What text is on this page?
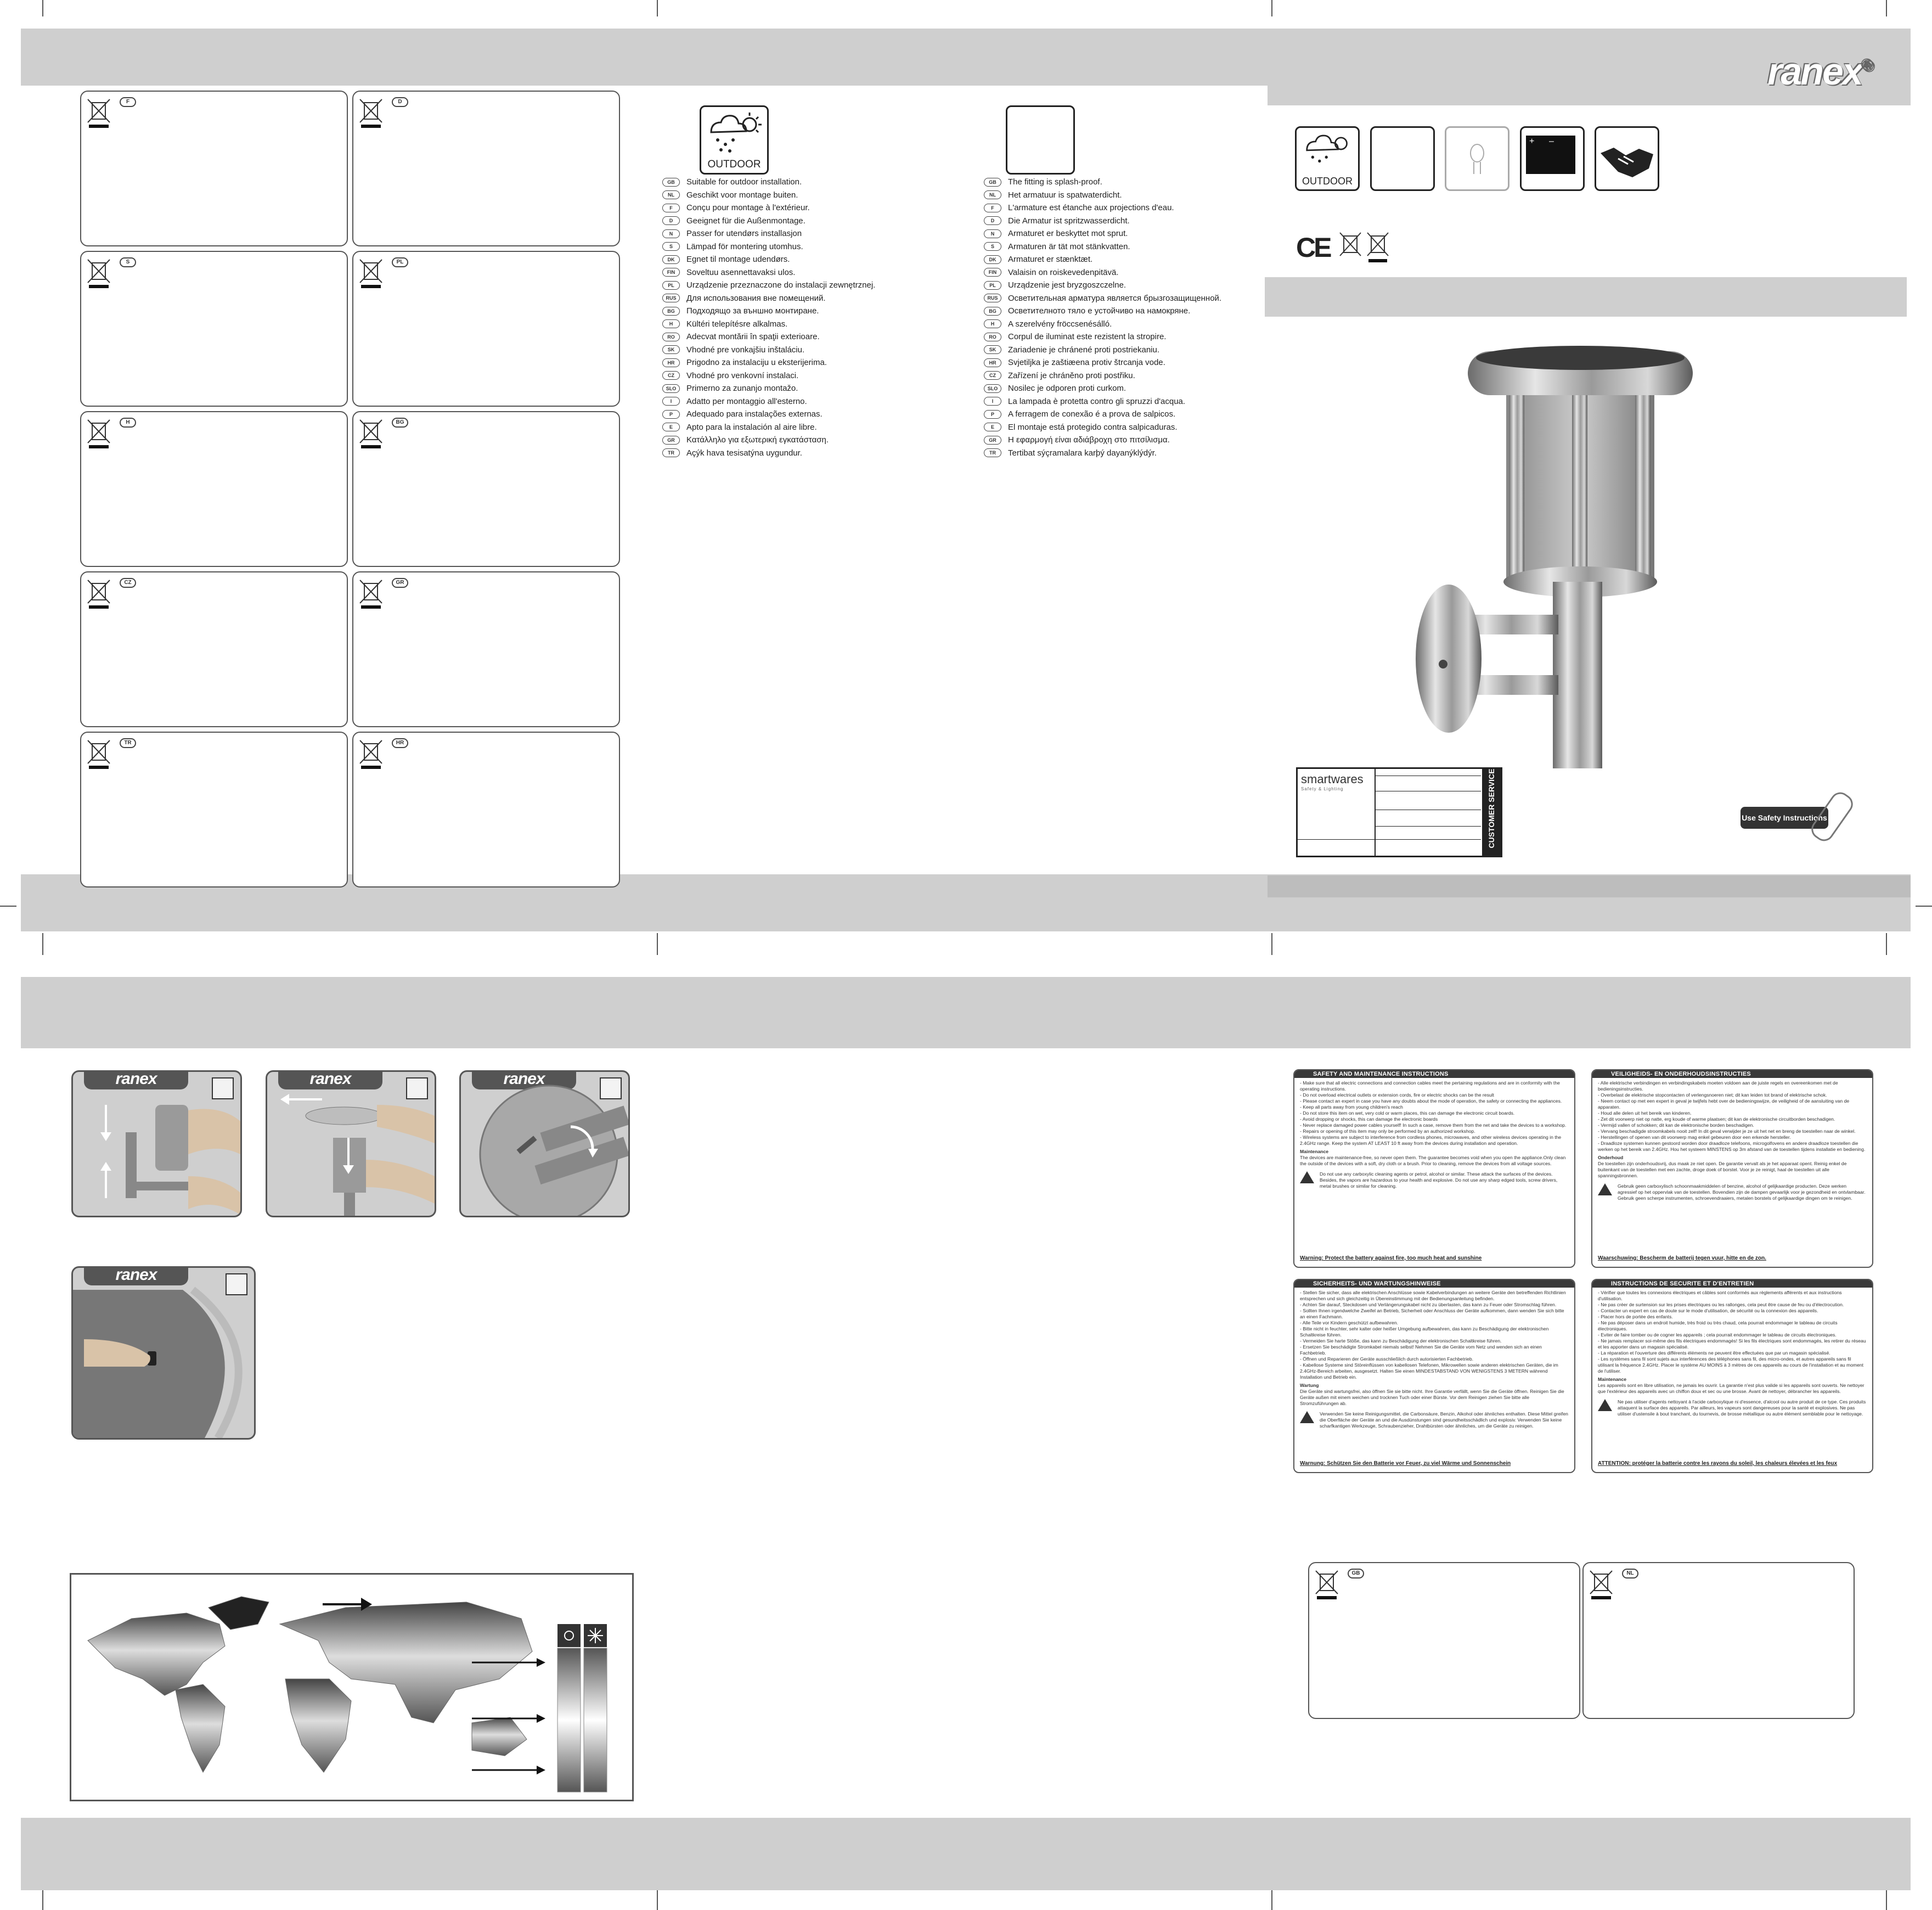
ranex®
F	D
S	PL
H	BG
CZ	GR
TR	HR
OUTDOOR
GB	Suitable for outdoor installation.
NL	Geschikt voor montage buiten.
F	Conçu pour montage à l'extérieur.
D	Geeignet für die Außenmontage.
N	Passer for utendørs installasjon
S	Lämpad för montering utomhus.
DK	Egnet til montage udendørs.
FIN	Soveltuu asennettavaksi ulos.
PL	Urządzenie przeznaczone do instalacji zewnętrznej.
RUS	Для использования вне помещений.
BG	Подходящо за външно монтиране.
H	Kültéri telepítésre alkalmas.
RO	Adecvat montării în spaţii exterioare.
SK	Vhodné pre vonkajšiu inštaláciu.
HR	Prigodno za instalaciju u eksterijerima.
CZ	Vhodné pro venkovní instalaci.
SLO	Primerno za zunanjo montažo.
I	Adatto per montaggio all'esterno.
P	Adequado para instalações externas.
E	Apto para la instalación al aire libre.
GR	Κατάλληλο για εξωτερική εγκατάσταση.
TR	Açýk hava tesisatýna uygundur.
GB	The fitting is splash-proof.
NL	Het armatuur is spatwaterdicht.
F	L'armature est étanche aux projections d'eau.
D	Die Armatur ist spritzwasserdicht.
N	Armaturet er beskyttet mot sprut.
S	Armaturen är tät mot stänkvatten.
DK	Armaturet er stænktæt.
FIN	Valaisin on roiskevedenpitävä.
PL	Urządzenie jest bryzgoszczelne.
RUS	Осветительная арматура является брызгозащищенной.
BG	Осветителното тяло е устойчиво на намокряне.
H	A szerelvény fröccsenésálló.
RO	Corpul de iluminat este rezistent la stropire.
SK	Zariadenie je chránené proti postriekaniu.
HR	Svjetiljka je zaštiæena protiv štrcanja vode.
CZ	Zařízení je chráněno proti postřiku.
SLO	Nosilec je odporen proti curkom.
I	La lampada è protetta contro gli spruzzi d'acqua.
P	A ferragem de conexão é a prova de salpicos.
E	El montaje está protegido contra salpicaduras.
GR	Η εφαρμογή είναι αδιάβροχη στο πιτσίλισμα.
TR	Tertibat sýçramalara karþý dayanýklýdýr.
OUTDOOR
+      –
CE
smartwares
Safety & Lighting	CUSTOMER SERVICE	Use Safety Instructions
ranex	ranex	ranex
ranex
SAFETY AND MAINTENANCE INSTRUCTIONS
- Make sure that all electric connections and connection cables meet the pertaining regulations and are in conformity with the operating instructions.
- Do not overload electrical outlets or extension cords, fire or electric shocks can be the result
- Please contact an expert in case you have any doubts about the mode of operation, the safety or connecting the appliances.
- Keep all parts away from young children's reach
- Do not store this item on wet, very cold or warm places, this can damage the electronic circuit boards.
- Avoid dropping or shocks, this can damage the electronic boards
- Never replace damaged power cables yourself! In such a case, remove them from the net and take the devices to a workshop.
- Repairs or opening of this item may only be performed by an authorized workshop.
- Wireless systems are subject to interference from cordless phones, microwaves, and other wireless devices operating in the 2.4GHz range. Keep the system AT LEAST 10 ft away from the devices during installation and operation.
Maintenance
The devices are maintenance-free, so never open them. The guarantee becomes void when you open the appliance.Only clean the outside of the devices with a soft, dry cloth or a brush. Prior to cleaning, remove the devices from all voltage sources.
Do not use any carboxylic cleaning agents or petrol, alcohol or similar. These attack the surfaces of the devices. Besides, the vapors are hazardous to your health and explosive. Do not use any sharp edged tools, screw drivers, metal brushes or similar for cleaning.
Warning: Protect the battery against fire, too much heat and sunshine
VEILIGHEIDS- EN ONDERHOUDSINSTRUCTIES
- Alle elektrische verbindingen en verbindingskabels moeten voldoen aan de juiste regels en overeenkomen met de bedieningsinstructies.
- Overbelast de elektrische stopcontacten of verlengsnoeren niet; dit kan leiden tot brand of elektrische schok.
- Neem contact op met een expert in geval je twijfels hebt over de bedieningswijze, de veiligheid of de aansluiting van de apparaten.
- Houd alle delen uit het bereik van kinderen.
- Zet dit voorwerp niet op natte, erg koude of warme plaatsen; dit kan de elektronische circuitborden beschadigen.
- Vermijd vallen of schokken; dit kan de elektronische borden beschadigen.
- Vervang beschadigde stroomkabels nooit zelf! In dit geval verwijder je ze uit het net en breng de toestellen naar de winkel.
- Herstellingen of openen van dit voorwerp mag enkel gebeuren door een erkende hersteller.
- Draadloze systemen kunnen gestoord worden door draadloze telefoons, microgolfovens en andere draadloze toestellen die werken op het bereik van 2.4GHz. Hou het systeem MINSTENS op 3m afstand van de toestellen tijdens installatie en bediening.
Onderhoud
De toestellen zijn onderhoudsvrij, dus maak ze niet open. De garantie vervalt als je het apparaat opent. Reinig enkel de buitenkant van de toestellen met een zachte, droge doek of borstel. Voor je ze reinigt, haal de toestellen uit alle spanningsbronnen.
Gebruik geen carboxylisch schoonmaakmiddelen of benzine, alcohol of gelijkaardige producten. Deze werken agressief op het oppervlak van de toestellen. Bovendien zijn de dampen gevaarlijk voor je gezondheid en ontvlambaar. Gebruik geen scherpe instrumenten, schroevendraaiers, metalen borstels of gelijkaardige dingen om te reinigen.
Waarschuwing: Bescherm de batterij tegen vuur, hitte en de zon.
SICHERHEITS- UND WARTUNGSHINWEISE
- Stellen Sie sicher, dass alle elektrischen Anschlüsse sowie Kabelverbindungen an weitere Geräte den betreffenden Richtlinien entsprechen und sich gleichzeitig in Übereinstimmung mit der Bedienungsanleitung befinden.
- Achten Sie darauf, Steckdosen und Verlängerungskabel nicht zu überlasten, das kann zu Feuer oder Stromschlag führen.
- Sollten Ihnen irgendwelche Zweifel an Betrieb, Sicherheit oder Anschluss der Geräte aufkommen, dann wenden Sie sich bitte an einen Fachmann.
- Alle Teile vor Kindern geschützt aufbewahren.
- Bitte nicht in feuchter, sehr kalter oder heißer Umgebung aufbewahren, das kann zu Beschädigung der elektronischen Schaltkreise führen.
- Vermeiden Sie harte Stöße, das kann zu Beschädigung der elektronischen Schaltkreise führen.
- Ersetzen Sie beschädigte Stromkabel niemals selbst! Nehmen Sie die Geräte vom Netz und wenden sich an einen Fachbetrieb.
- Öffnen und Reparieren der Geräte ausschließlich durch autorisierten Fachbetrieb.
- Kabellose Systeme sind Störeinflüssen von kabellosen Telefonen, Mikrowellen sowie anderen elektrischen Geräten, die im 2.4GHz-Bereich arbeiten, ausgesetzt. Halten Sie einen MINDESTABSTAND VON WENIGSTENS 3 METERN während Installation und Betrieb ein.
Wartung
Die Geräte sind wartungsfrei, also öffnen Sie sie bitte nicht. Ihre Garantie verfällt, wenn Sie die Geräte öffnen. Reinigen Sie die Geräte außen mit einem weichen und trocknen Tuch oder einer Bürste. Vor dem Reinigen ziehen Sie bitte alle Stromzuführungen ab.
Verwenden Sie keine Reinigungsmittel, die Carbonsäure, Benzin, Alkohol oder ähnliches enthalten. Diese Mittel greifen die Oberfläche der Geräte an und die Ausdünstungen sind gesundheitsschädlich und explosiv. Verwenden Sie keine scharfkantigen Werkzeuge, Schraubenzieher, Drahtbürsten oder ähnliches, um die Geräte zu reinigen.
Warnung: Schützen Sie den Batterie vor Feuer, zu viel Wärme und Sonnenschein
INSTRUCTIONS DE SECURITE ET D'ENTRETIEN
- Vérifier que toutes les connexions électriques et câbles sont conformés aux règlements afférents et aux instructions d'utilisation.
- Ne pas créer de surtension sur les prises électriques ou les rallonges, cela peut être cause de feu ou d'électrocution.
- Contacter un expert en cas de doute sur le mode d'utilisation, de sécurité ou la connexion des appareils.
- Placer hors de portée des enfants.
- Ne pas déposer dans un endroit humide, très froid ou très chaud, cela pourrait endommager le tableau de circuits électroniques.
- Eviter de faire tomber ou de cogner les appareils ; cela pourrait endommager le tableau de circuits électroniques.
- Ne jamais remplacer soi-même des fils électriques endommagés! Si les fils électriques sont endommagés, les retirer du réseau et les apporter dans un magasin spécialisé.
- La réparation et l'ouverture des différents éléments ne peuvent être effectuées que par un magasin spécialisé.
- Les systèmes sans fil sont sujets aux interférences des téléphones sans fil, des micro-ondes, et autres appareils sans fil utilisant la fréquence 2.4GHz. Placer le système AU MOINS à 3 mètres de ces appareils au cours de l'installation et au moment de l'utiliser.
Maintenance
Les appareils sont en libre utilisation, ne jamais les ouvrir. La garantie n'est plus valide si les appareils sont ouverts. Ne nettoyer que l'extérieur des appareils avec un chiffon doux et sec ou une brosse. Avant de nettoyer, débrancher les appareils.
Ne pas utiliser d'agents nettoyant à l'acide carboxylique ni d'essence, d'alcool ou autre produit de ce type. Ces produits attaquent la surface des appareils. Par ailleurs, les vapeurs sont dangereuses pour la santé et explosives. Ne pas utiliser d'ustensile à bout tranchant, du tournevis, de brosse métallique ou autre élément semblable pour le nettoyage.
ATTENTION: protéger la batterie contre les rayons du soleil, les chaleurs élevées et les feux
GB	NL
